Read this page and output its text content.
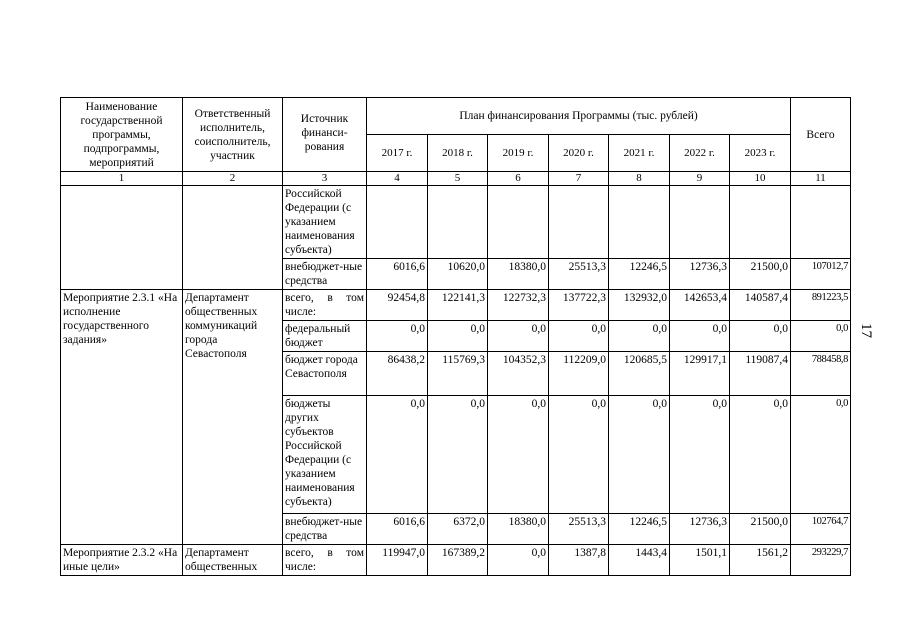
Наименование государственной программы, подпрограммы, мероприятий	Ответственный исполнитель, соисполнитель, участник	Источник финанси-рования	План финансирования Программы (тыс. рублей)							Всего
			2017 г.	2018 г.	2019 г.	2020 г.	2021 г.	2022 г.	2023 г.	
1	2	3	4	5	6	7	8	9	10	11
		Российской Федерации (с указанием наименования субъекта)								
		внебюджет-ные средства	6016,6	10620,0	18380,0	25513,3	12246,5	12736,3	21500,0	107012,7
Мероприятие 2.3.1 «На исполнение государственного задания»	Департамент общественных коммуникаций города Севастополя	всего, в том числе:	92454,8	122141,3	122732,3	137722,3	132932,0	142653,4	140587,4	891223,5
		федеральный бюджет	0,0	0,0	0,0	0,0	0,0	0,0	0,0	0,0
		бюджет города Севастополя	86438,2	115769,3	104352,3	112209,0	120685,5	129917,1	119087,4	788458,8
		бюджеты других субъектов Российской Федерации (с указанием наименования субъекта)	0,0	0,0	0,0	0,0	0,0	0,0	0,0	0,0
		внебюджет-ные средства	6016,6	6372,0	18380,0	25513,3	12246,5	12736,3	21500,0	102764,7
Мероприятие 2.3.2 «На иные цели»	Департамент общественных	всего, в том числе:	119947,0	167389,2	0,0	1387,8	1443,4	1501,1	1561,2	293229,7
17
